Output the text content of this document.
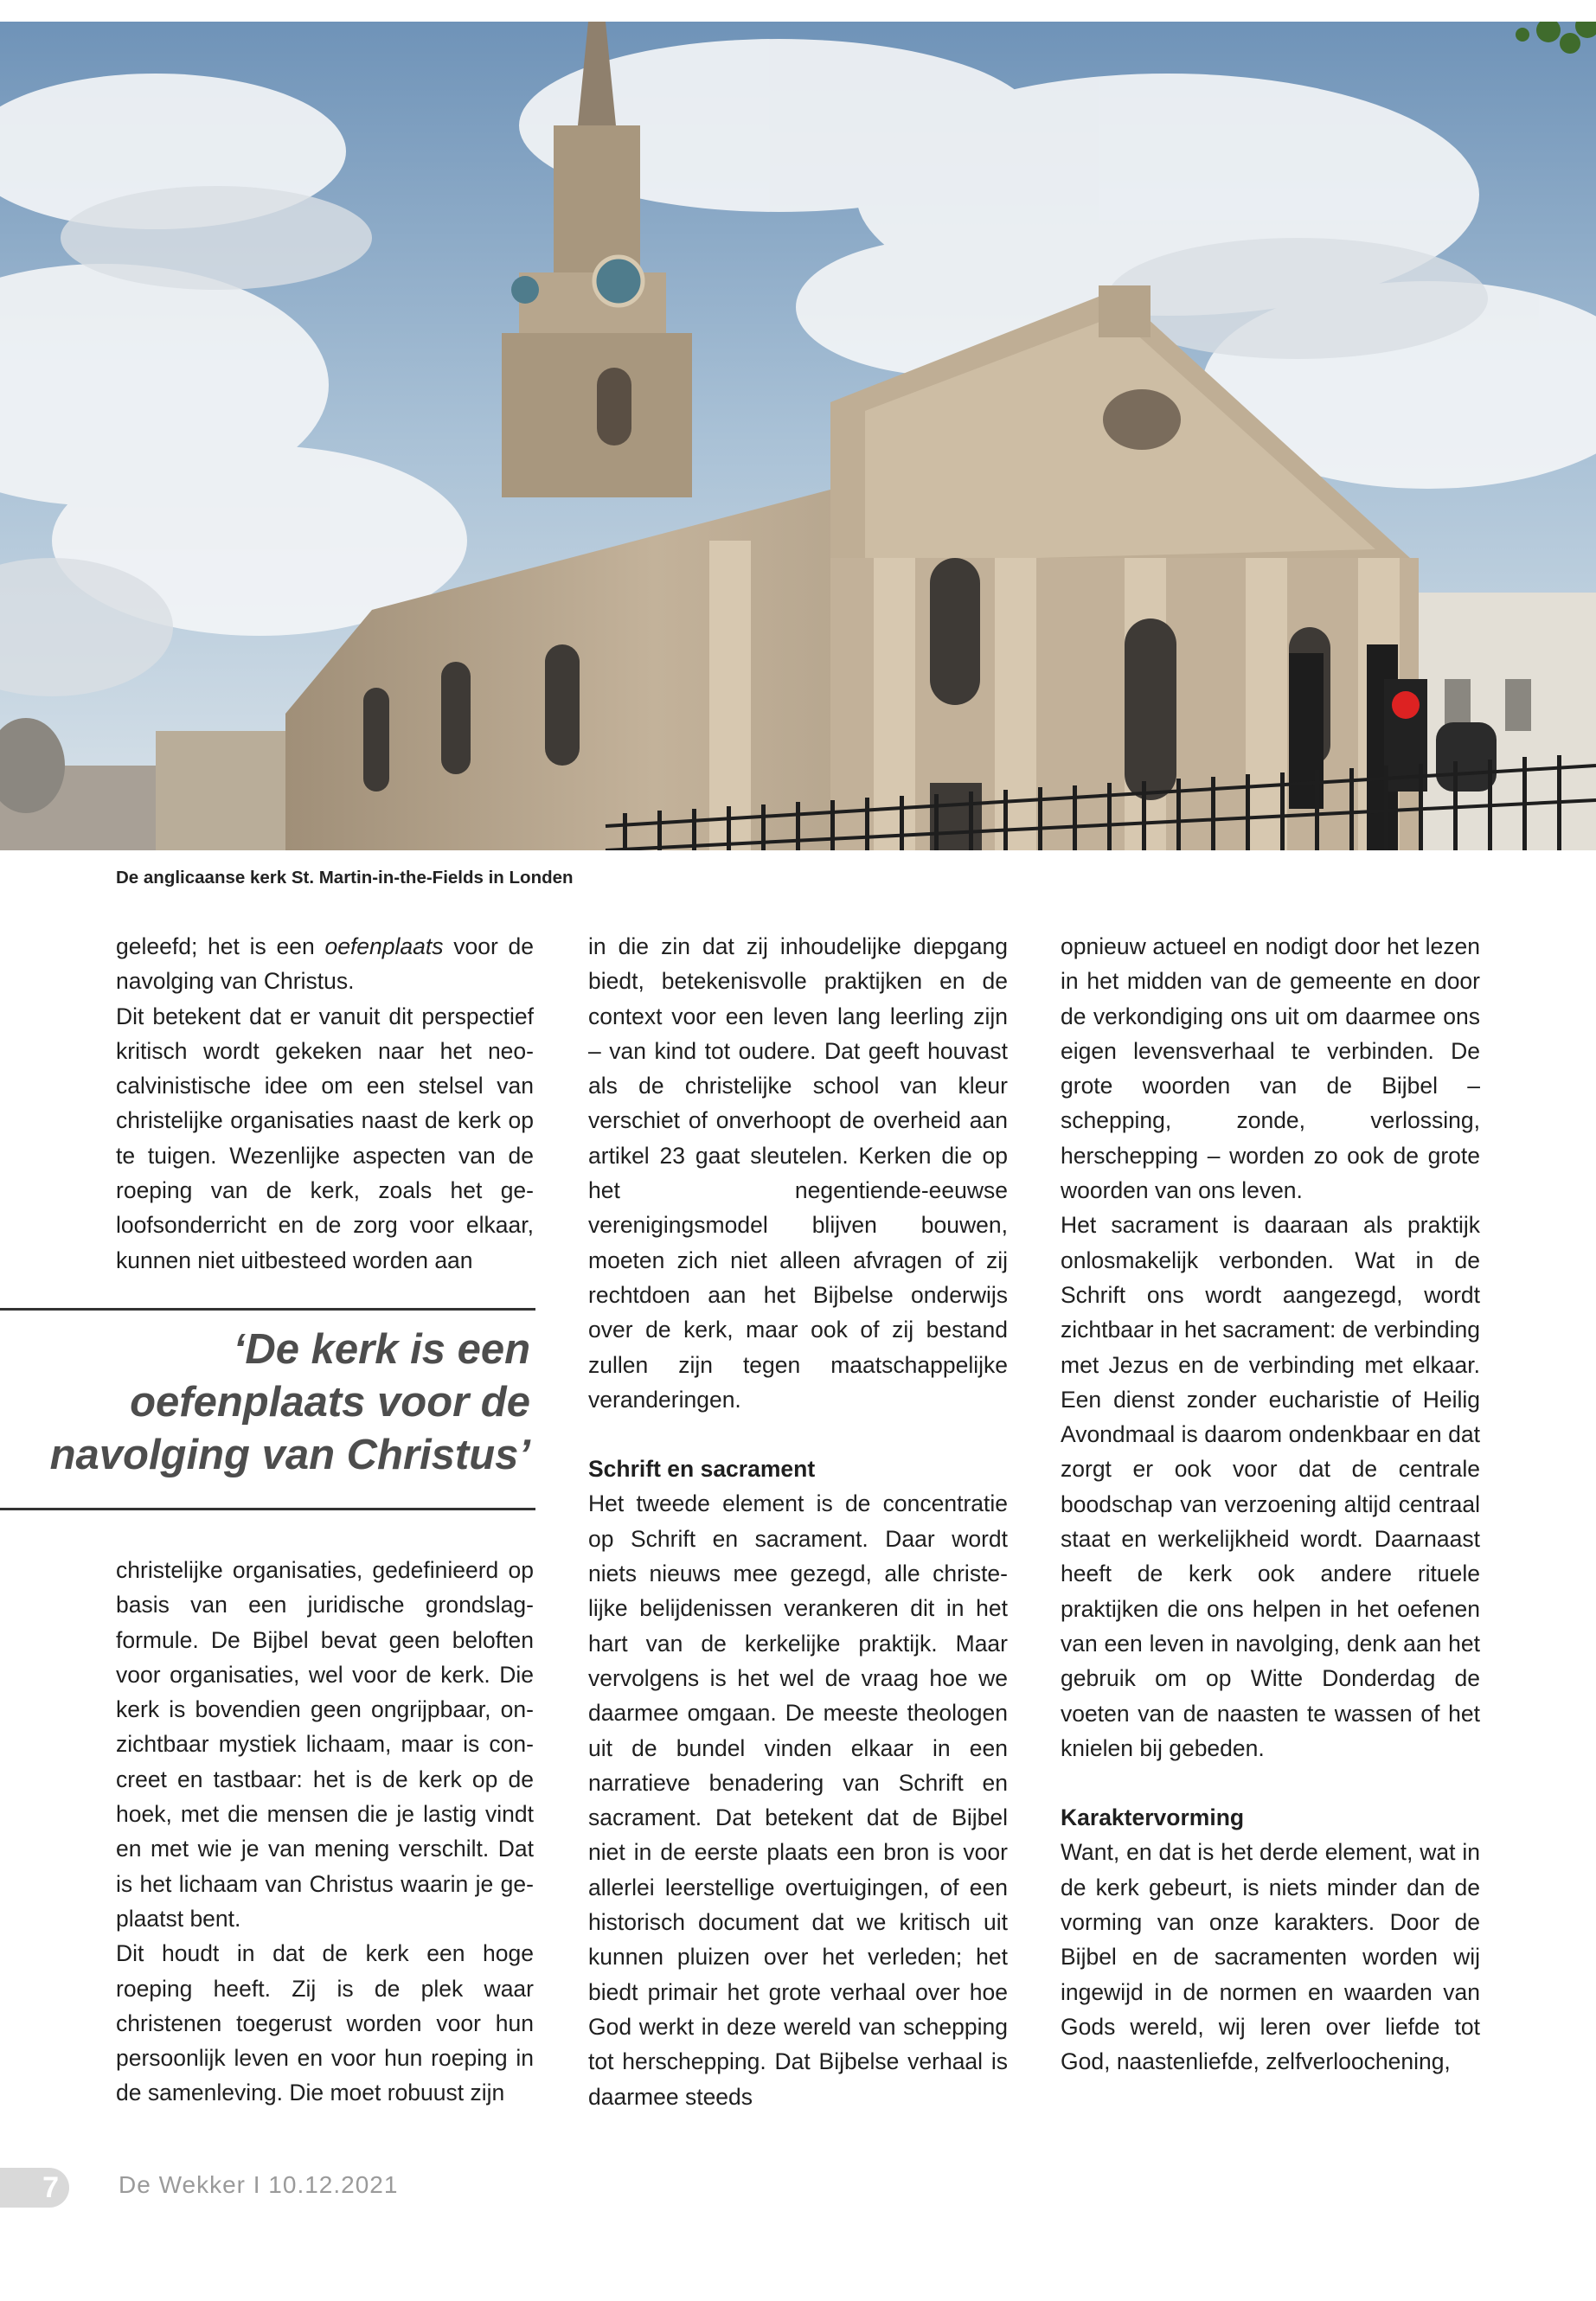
De anglicaanse kerk St. Martin-in-the-Fields in Londen

geleefd; het is een oefenplaats voor de navolging van Christus.

Dit betekent dat er vanuit dit perspectief kritisch wordt gekeken naar het neocalvinistische idee om een stelsel van christelijke organisaties naast de kerk op te tuigen. Wezenlijke aspecten van de roeping van de kerk, zoals het geloofsonderricht en de zorg voor elkaar, kunnen niet uitbesteed worden aan

‘De kerk is een
oefenplaats voor de
navolging van Christus’

christelijke organisaties, gedefinieerd op basis van een juridische grondslagformule. De Bijbel bevat geen beloften voor organisaties, wel voor de kerk. Die kerk is bovendien geen ongrijpbaar, onzichtbaar mystiek lichaam, maar is concreet en tastbaar: het is de kerk op de hoek, met die mensen die je lastig vindt en met wie je van mening verschilt. Dat is het lichaam van Christus waarin je geplaatst bent.

Dit houdt in dat de kerk een hoge roeping heeft. Zij is de plek waar christenen toegerust worden voor hun persoonlijk leven en voor hun roeping in de samenleving. Die moet robuust zijn

in die zin dat zij inhoudelijke diepgang biedt, betekenisvolle praktijken en de context voor een leven lang leerling zijn – van kind tot oudere. Dat geeft houvast als de christelijke school van kleur verschiet of onverhoopt de overheid aan artikel 23 gaat sleutelen. Kerken die op het negentiende-eeuwse verenigingsmodel blijven bouwen, moeten zich niet alleen afvragen of zij rechtdoen aan het Bijbelse onderwijs over de kerk, maar ook of zij bestand zullen zijn tegen maatschappelijke veranderingen.

Schrift en sacrament

Het tweede element is de concentratie op Schrift en sacrament. Daar wordt niets nieuws mee gezegd, alle christelijke belijdenissen verankeren dit in het hart van de kerkelijke praktijk. Maar vervolgens is het wel de vraag hoe we daarmee omgaan. De meeste theologen uit de bundel vinden elkaar in een narratieve benadering van Schrift en sacrament. Dat betekent dat de Bijbel niet in de eerste plaats een bron is voor allerlei leerstellige overtuigingen, of een historisch document dat we kritisch uit kunnen pluizen over het verleden; het biedt primair het grote verhaal over hoe God werkt in deze wereld van schepping tot herschepping. Dat Bijbelse verhaal is daarmee steeds

opnieuw actueel en nodigt door het lezen in het midden van de gemeente en door de verkondiging ons uit om daarmee ons eigen levensverhaal te verbinden. De grote woorden van de Bijbel – schepping, zonde, verlossing, herschepping – worden zo ook de grote woorden van ons leven.

Het sacrament is daaraan als praktijk onlosmakelijk verbonden. Wat in de Schrift ons wordt aangezegd, wordt zichtbaar in het sacrament: de verbinding met Jezus en de verbinding met elkaar. Een dienst zonder eucharistie of Heilig Avondmaal is daarom ondenkbaar en dat zorgt er ook voor dat de centrale boodschap van verzoening altijd centraal staat en werkelijkheid wordt. Daarnaast heeft de kerk ook andere rituele praktijken die ons helpen in het oefenen van een leven in navolging, denk aan het gebruik om op Witte Donderdag de voeten van de naasten te wassen of het knielen bij gebeden.

Karaktervorming

Want, en dat is het derde element, wat in de kerk gebeurt, is niets minder dan de vorming van onze karakters. Door de Bijbel en de sacramenten worden wij ingewijd in de normen en waarden van Gods wereld, wij leren over liefde tot God, naastenliefde, zelfverloochening,

7	De Wekker I 10.12.2021
